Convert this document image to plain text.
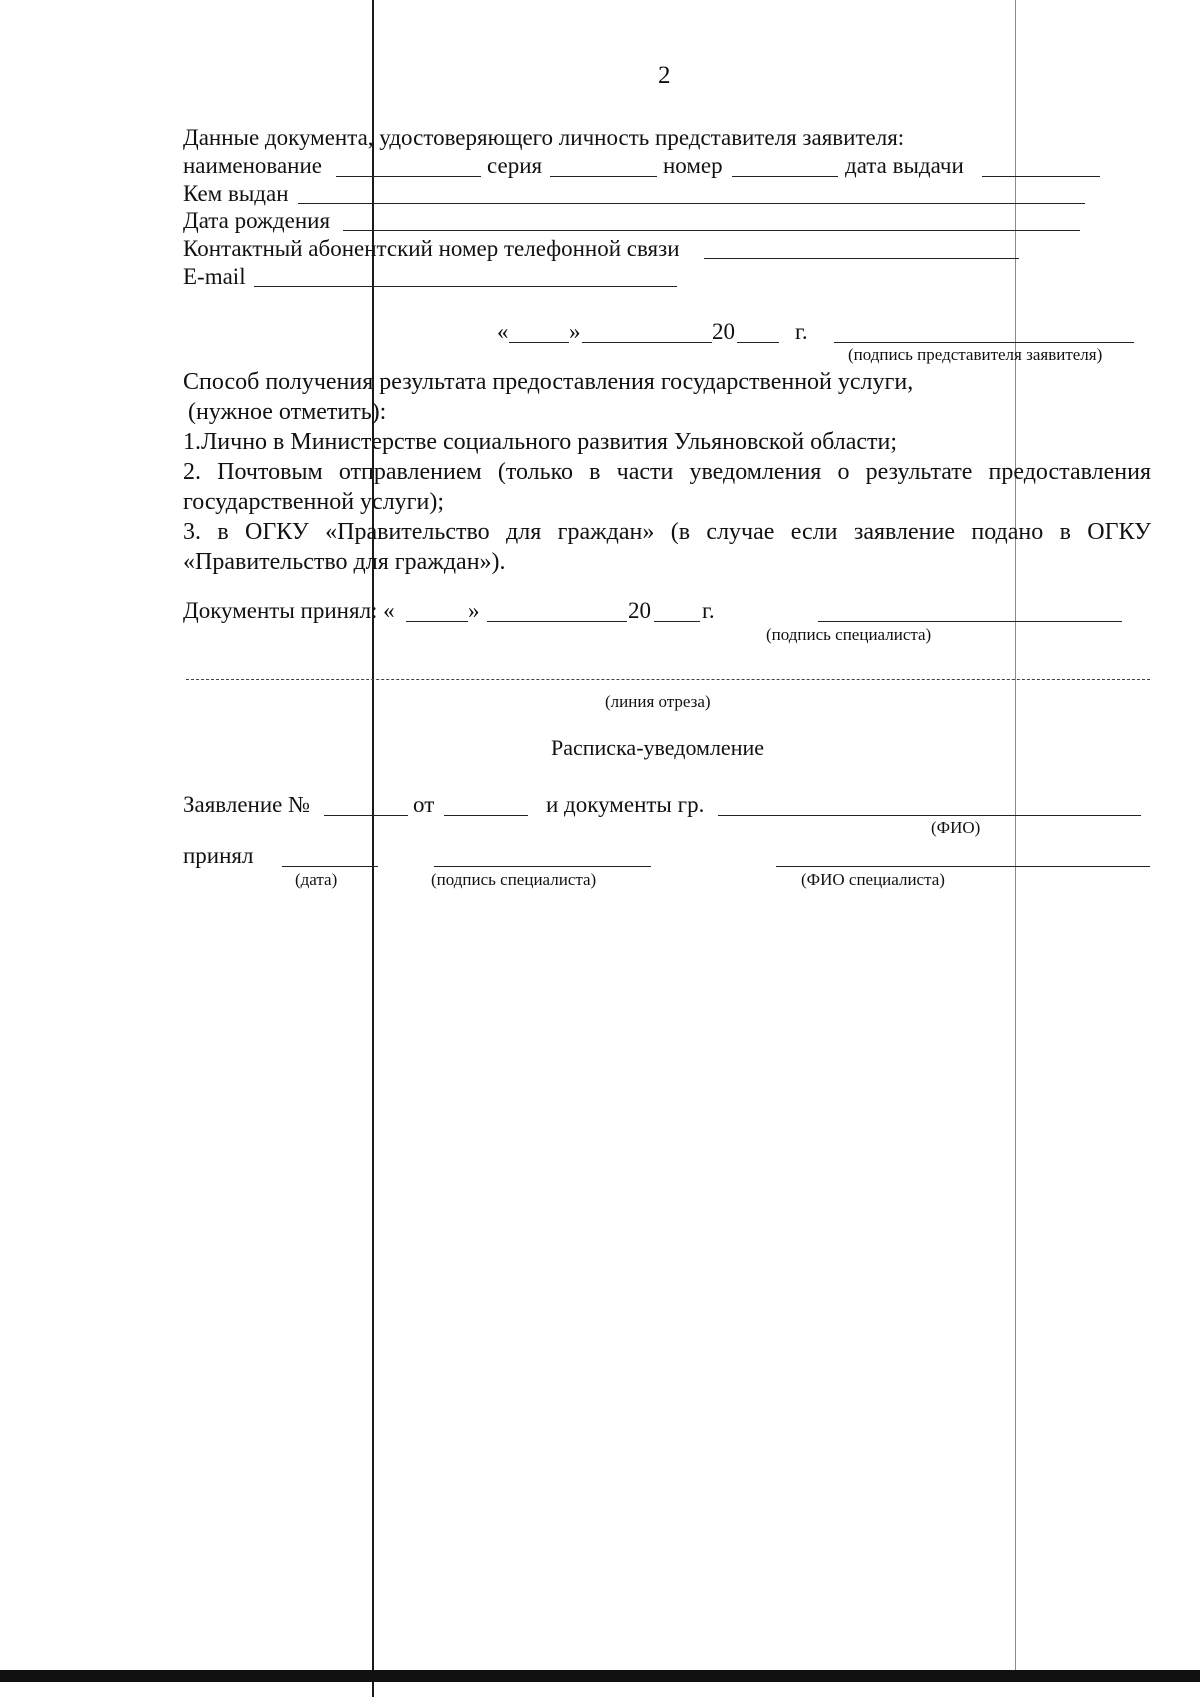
2
Данные документа, удостоверяющего личность представителя заявителя:
наименование	серия	номер	дата выдачи
Кем выдан
Дата рождения
Контактный абонентский номер телефонной связи
E-mail
«	»	20	г.
(подпись представителя заявителя)
Способ получения результата предоставления государственной услуги,
(нужное отметить):
1.Лично в Министерстве социального развития Ульяновской области;
2. Почтовым отправлением (только в части уведомления о результате предоставления
государственной услуги);
3. в ОГКУ «Правительство для граждан» (в случае если заявление подано в ОГКУ
«Правительство для граждан»).
Документы принял: «	»	20 г.
(подпись специалиста)
(линия отреза)
Расписка-уведомление
Заявление №	от	и документы гр.
(ФИО)
принял
(дата)	(подпись специалиста)	(ФИО специалиста)
